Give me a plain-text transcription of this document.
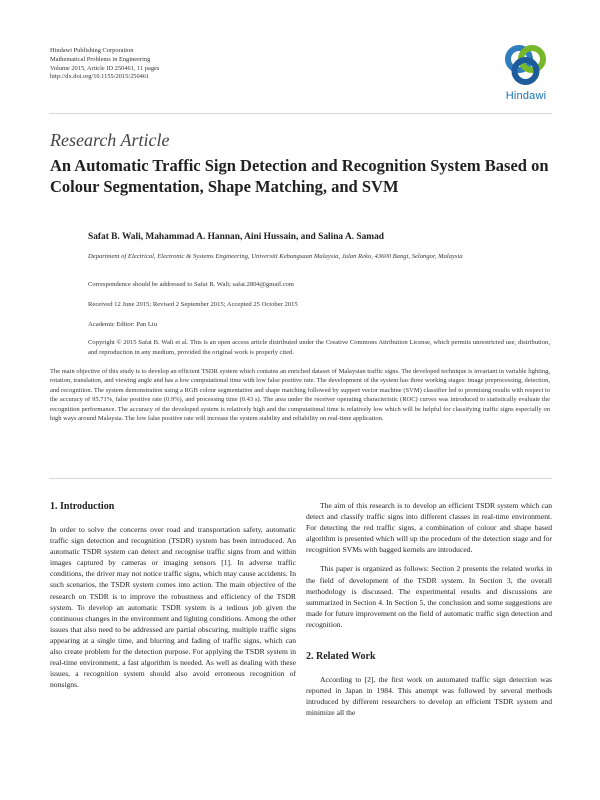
Hindawi Publishing Corporation
Mathematical Problems in Engineering
Volume 2015, Article ID 250461, 11 pages
http://dx.doi.org/10.1155/2015/250461
Hindawi
Research Article
An Automatic Traffic Sign Detection and Recognition System Based on Colour Segmentation, Shape Matching, and SVM
Safat B. Wali, Mahammad A. Hannan, Aini Hussain, and Salina A. Samad
Department of Electrical, Electronic & Systems Engineering, Universiti Kebangsaan Malaysia, Jalan Reko, 43600 Bangi, Selangor, Malaysia
Correspondence should be addressed to Safat B. Wali; safat.2804@gmail.com
Received 12 June 2015; Revised 2 September 2015; Accepted 25 October 2015
Academic Editor: Pan Liu
Copyright © 2015 Safat B. Wali et al. This is an open access article distributed under the Creative Commons Attribution License, which permits unrestricted use, distribution, and reproduction in any medium, provided the original work is properly cited.
The main objective of this study is to develop an efficient TSDR system which contains an enriched dataset of Malaysian traffic signs. The developed technique is invariant in variable lighting, rotation, translation, and viewing angle and has a low computational time with low false positive rate. The development of the system has three working stages: image preprocessing, detection, and recognition. The system demonstration using a RGB colour segmentation and shape matching followed by support vector machine (SVM) classifier led to promising results with respect to the accuracy of 95.71%, false positive rate (0.9%), and processing time (0.43 s). The area under the receiver operating characteristic (ROC) curves was introduced to statistically evaluate the recognition performance. The accuracy of the developed system is relatively high and the computational time is relatively low which will be helpful for classifying traffic signs especially on high ways around Malaysia. The low false positive rate will increase the system stability and reliability on real-time application.
1. Introduction

In order to solve the concerns over road and transportation safety, automatic traffic sign detection and recognition (TSDR) system has been introduced. An automatic TSDR system can detect and recognise traffic signs from and within images captured by cameras or imaging sensors [1]. In adverse traffic conditions, the driver may not notice traffic signs, which may cause accidents. In such scenarios, the TSDR system comes into action. The main objective of the research on TSDR is to improve the robustness and efficiency of the TSDR system. To develop an automatic TSDR system is a tedious job given the continuous changes in the environment and lighting conditions. Among the other issues that also need to be addressed are partial obscuring, multiple traffic signs appearing at a single time, and blurring and fading of traffic signs, which can also create problem for the detection purpose. For applying the TSDR system in real-time environment, a fast algorithm is needed. As well as dealing with these issues, a recognition system should also avoid erroneous recognition of nonsigns.

The aim of this research is to develop an efficient TSDR system which can detect and classify traffic signs into different classes in real-time environment. For detecting the red traffic signs, a combination of colour and shape based algorithm is presented which will up the procedure of the detection stage and for recognition SVMs with bagged kernels are introduced.

This paper is organized as follows: Section 2 presents the related works in the field of development of the TSDR system. In Section 3, the overall methodology is discussed. The experimental results and discussions are summarized in Section 4. In Section 5, the conclusion and some suggestions are made for future improvement on the field of automatic traffic sign detection and recognition.

2. Related Work

According to [2], the first work on automated traffic sign detection was reported in Japan in 1984. This attempt was followed by several methods introduced by different researchers to develop an efficient TSDR system and minimize all the
